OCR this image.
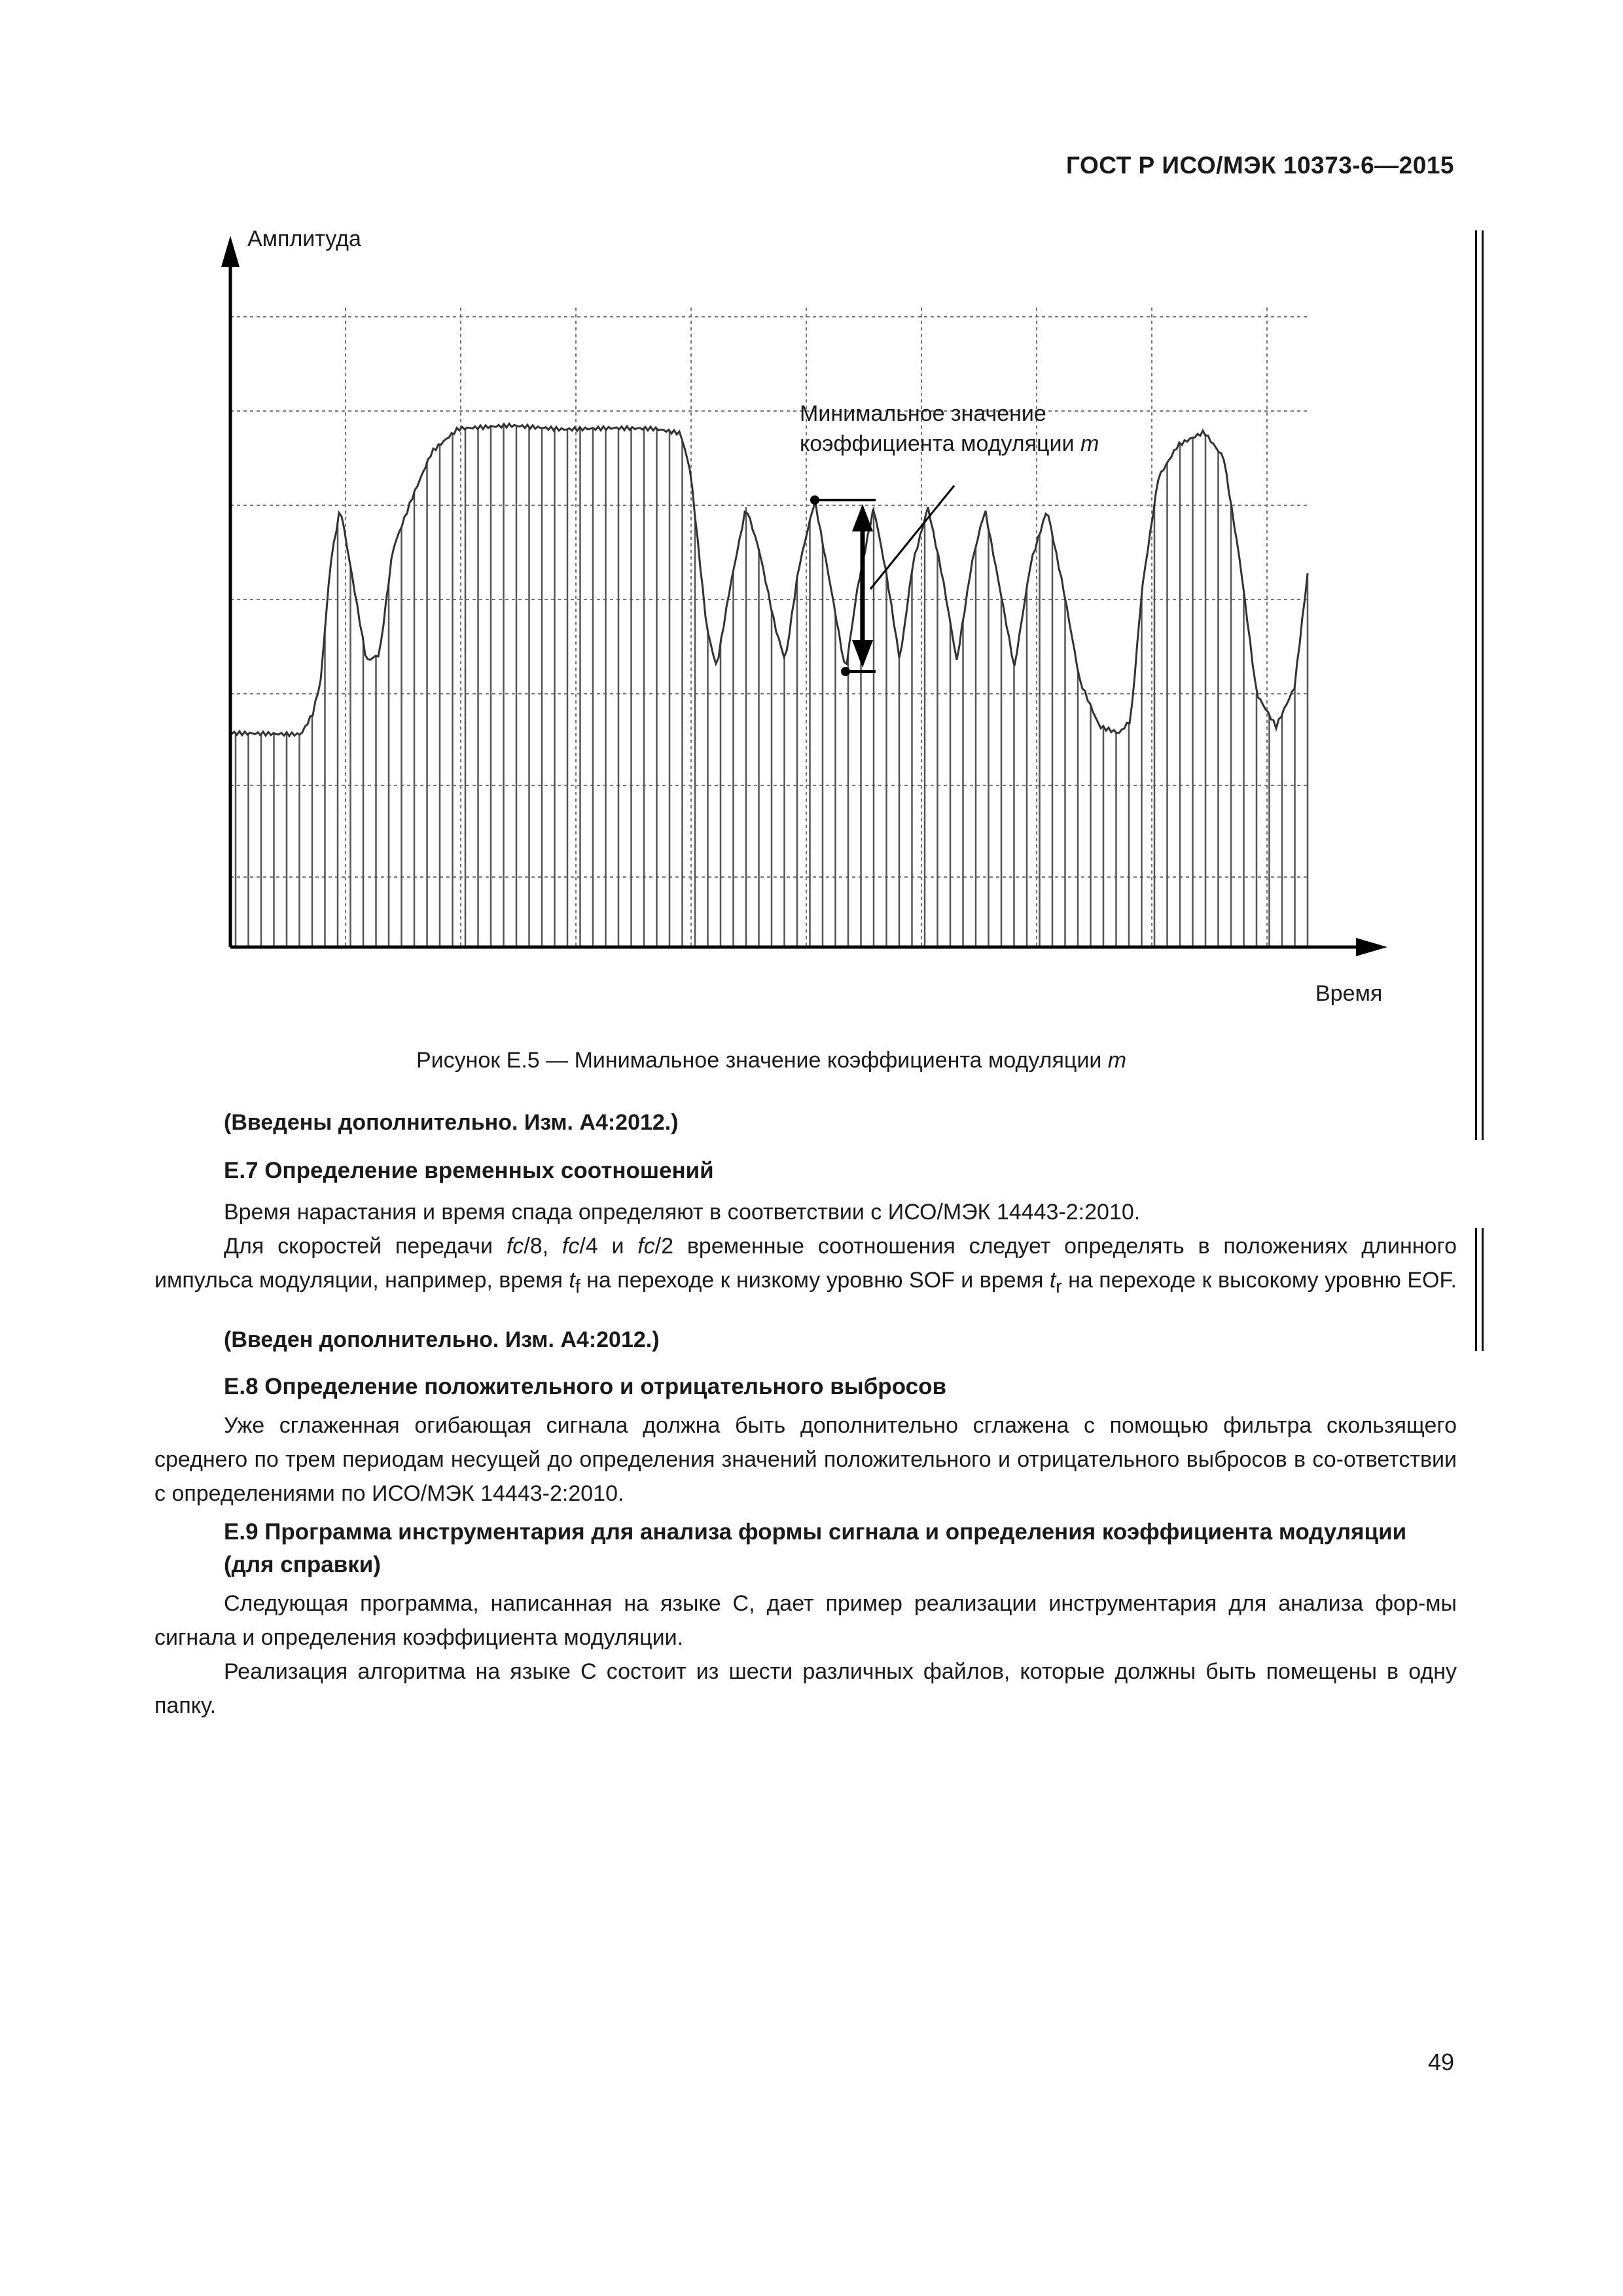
ГОСТ Р ИСО/МЭК 10373-6—2015
Амплитуда
Время
Минимальное значение
коэффициента модуляции m
Рисунок Е.5 — Минимальное значение коэффициента модуляции m
(Введены дополнительно. Изм. А4:2012.)
Е.7 Определение временных соотношений

Время нарастания и время спада определяют в соответствии с ИСО/МЭК 14443-2:2010.

Для скоростей передачи fc/8, fc/4 и fc/2 временные соотношения следует определять в положениях длинного импульса модуляции, например, время $t_f$ на переходе к низкому уровню SOF и время $t_r$ на переходе к высокому уровню EOF.

(Введен дополнительно. Изм. А4:2012.)
Е.8 Определение положительного и отрицательного выбросов

Уже сглаженная огибающая сигнала должна быть дополнительно сглажена с помощью фильтра скользящего среднего по трем периодам несущей до определения значений положительного и отрицательного выбросов в со-ответствии с определениями по ИСО/МЭК 14443-2:2010.

Е.9 Программа инструментария для анализа формы сигнала и определения коэффициента модуляции (для справки)

Следующая программа, написанная на языке С, дает пример реализации инструментария для анализа фор-мы сигнала и определения коэффициента модуляции.

Реализация алгоритма на языке С состоит из шести различных файлов, которые должны быть помещены в одну папку.

49
